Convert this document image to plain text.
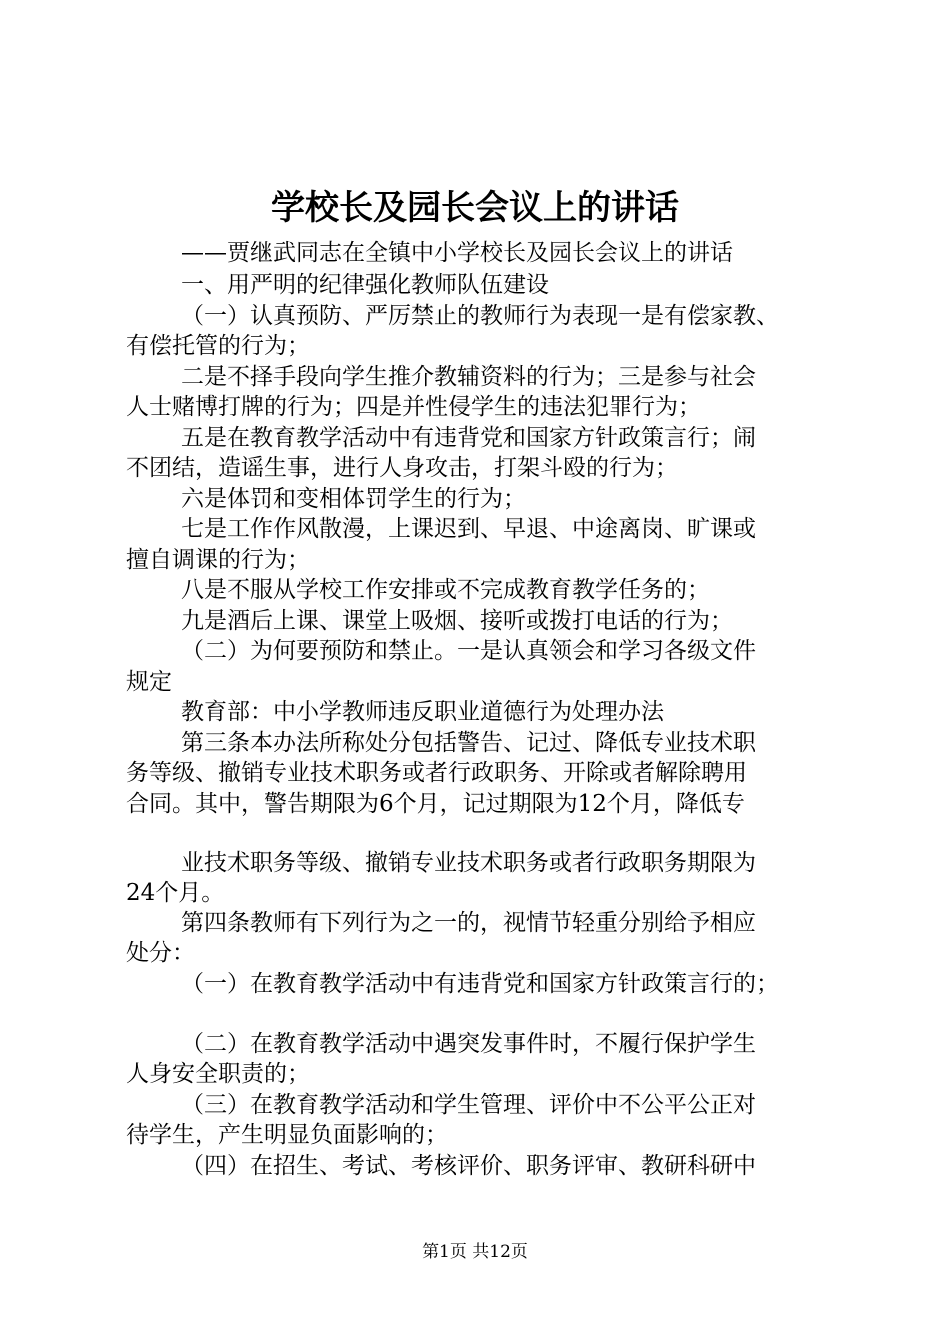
学校长及园长会议上的讲话
——贾继武同志在全镇中小学校长及园长会议上的讲话
一、用严明的纪律强化教师队伍建设
（一）认真预防、严厉禁止的教师行为表现一是有偿家教、
有偿托管的行为；
二是不择手段向学生推介教辅资料的行为；三是参与社会
人士赌博打牌的行为；四是并性侵学生的违法犯罪行为；
五是在教育教学活动中有违背党和国家方针政策言行；闹
不团结，造谣生事，进行人身攻击，打架斗殴的行为；
六是体罚和变相体罚学生的行为；
七是工作作风散漫，上课迟到、早退、中途离岗、旷课或
擅自调课的行为；
八是不服从学校工作安排或不完成教育教学任务的；
九是酒后上课、课堂上吸烟、接听或拨打电话的行为；
（二）为何要预防和禁止。一是认真领会和学习各级文件
规定
教育部：中小学教师违反职业道德行为处理办法
第三条本办法所称处分包括警告、记过、降低专业技术职
务等级、撤销专业技术职务或者行政职务、开除或者解除聘用
合同。其中，警告期限为6个月，记过期限为12个月，降低专
业技术职务等级、撤销专业技术职务或者行政职务期限为
24个月。
第四条教师有下列行为之一的，视情节轻重分别给予相应
处分：
（一）在教育教学活动中有违背党和国家方针政策言行的；
（二）在教育教学活动中遇突发事件时，不履行保护学生
人身安全职责的；
（三）在教育教学活动和学生管理、评价中不公平公正对
待学生，产生明显负面影响的；
（四）在招生、考试、考核评价、职务评审、教研科研中
第1页 共12页
